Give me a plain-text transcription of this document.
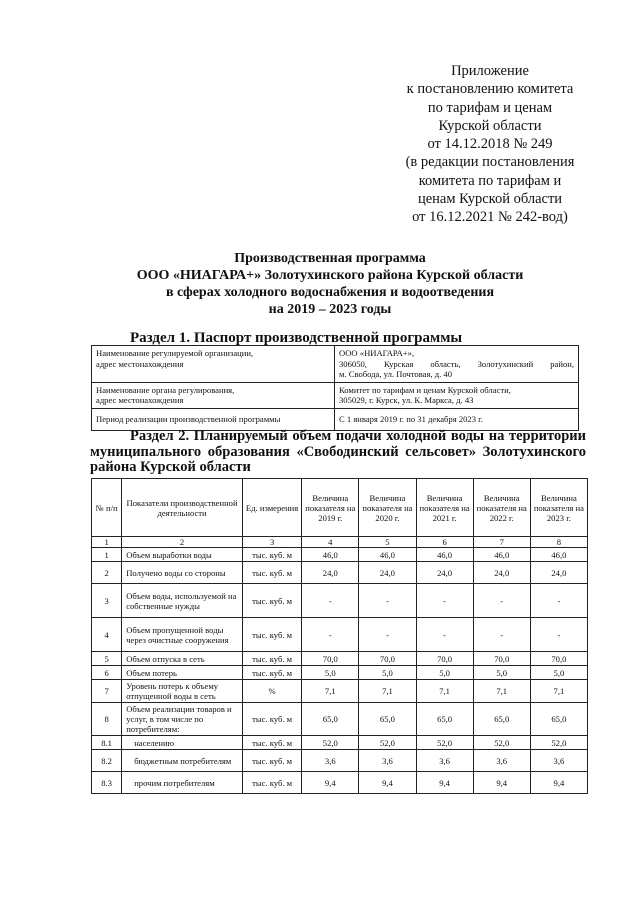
Приложение
к постановлению комитета
по тарифам и ценам
Курской области
от 14.12.2018 № 249
(в редакции постановления
комитета по тарифам и
ценам Курской области
от 16.12.2021 № 242-вод)
Производственная программа
ООО «НИАГАРА+» Золотухинского района Курской области
в сферах холодного водоснабжения и водоотведения
на 2019 – 2023 годы
Раздел 1. Паспорт производственной программы
Наименование регулируемой организации,
адрес местонахождения	ООО «НИАГАРА+»,
306050, Курская область, Золотухинский район,
м. Свобода, ул. Почтовая, д. 40

Наименование органа регулирования,
адрес местонахождения	Комитет по тарифам и ценам Курской области,
305029, г. Курск, ул. К. Маркса, д. 43

Период реализации производственной программы	С 1 января 2019 г. по 31 декабря 2023 г.
Раздел 2. Планируемый объем подачи холодной воды на территории
муниципального образования «Свободинский сельсовет» Золотухинского
района Курской области
№ п/п	Показатели производственной деятельности	Ед. измерения	Величина показателя на 2019 г.	Величина показателя на 2020 г.	Величина показателя на 2021 г.	Величина показателя на 2022 г.	Величина показателя на 2023 г.
1	2	3	4	5	6	7	8
1	Объем выработки воды	тыс. куб. м	46,0	46,0	46,0	46,0	46,0
2	Получено воды со стороны	тыс. куб. м	24,0	24,0	24,0	24,0	24,0
3	Объем воды, используемой на собственные нужды	тыс. куб. м	-	-	-	-	-
4	Объем пропущенной воды через очистные сооружения	тыс. куб. м	-	-	-	-	-
5	Объем отпуска в сеть	тыс. куб. м	70,0	70,0	70,0	70,0	70,0
6	Объем потерь	тыс. куб. м	5,0	5,0	5,0	5,0	5,0
7	Уровень потерь к объему отпущенной воды в сеть	%	7,1	7,1	7,1	7,1	7,1
8	Объем реализации товаров и услуг, в том числе по потребителям:	тыс. куб. м	65,0	65,0	65,0	65,0	65,0
8.1	населению	тыс. куб. м	52,0	52,0	52,0	52,0	52,0
8.2	бюджетным потребителям	тыс. куб. м	3,6	3,6	3,6	3,6	3,6
8.3	прочим потребителям	тыс. куб. м	9,4	9,4	9,4	9,4	9,4
